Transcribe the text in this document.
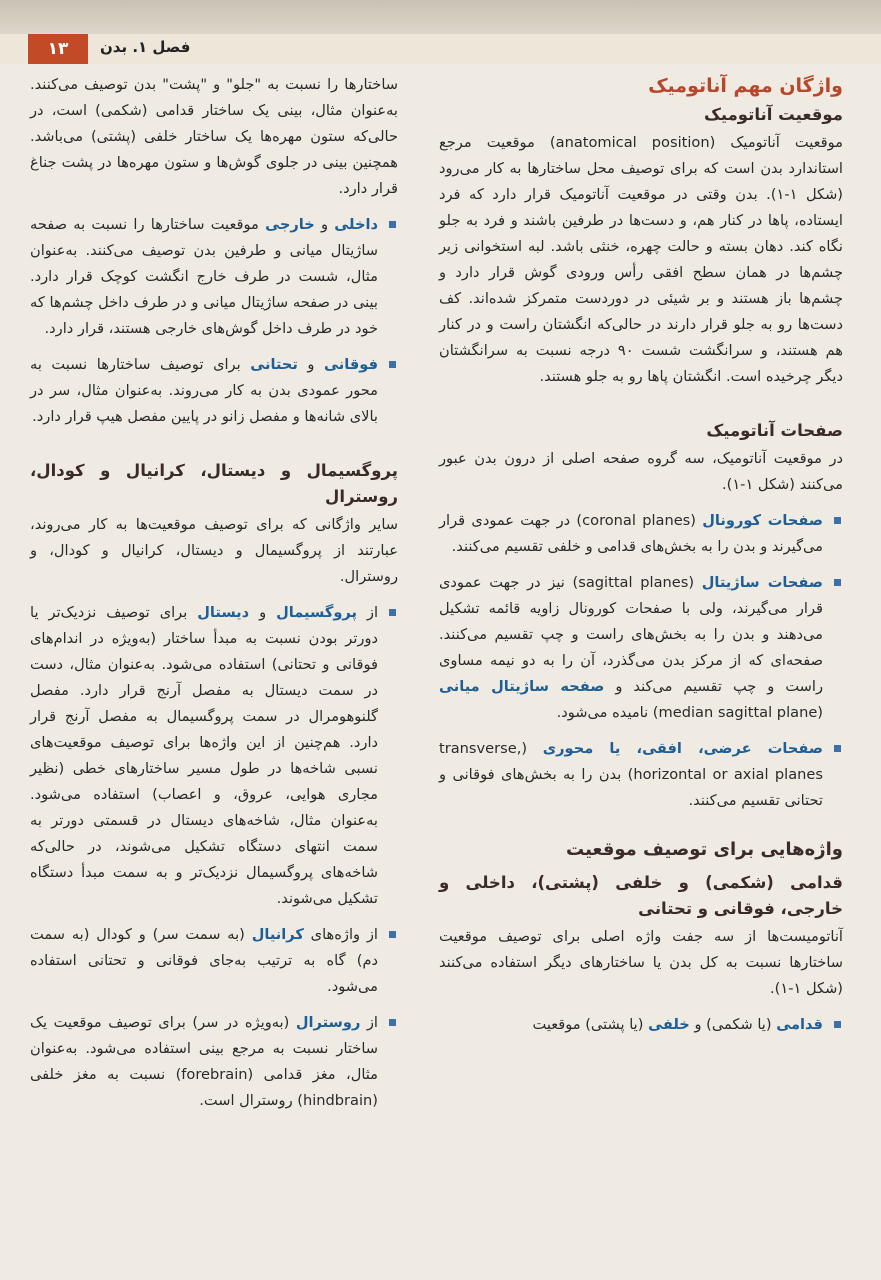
۱۳	فصل ۱. بدن
واژگان مهم آناتومیک
موقعیت آناتومیک

موقعیت آناتومیک (anatomical position) موقعیت مرجع استاندارد بدن است که برای توصیف محل ساختارها به کار می‌رود (شکل ۱-۱). بدن وقتی در موقعیت آناتومیک قرار دارد که فرد ایستاده، پاها در کنار هم، و دست‌ها در طرفین باشند و فرد به جلو نگاه کند. دهان بسته و حالت چهره، خنثی باشد. لبه استخوانی زیر چشم‌ها در همان سطح افقی رأس ورودی گوش قرار دارد و چشم‌ها باز هستند و بر شیئی در دوردست متمرکز شده‌اند. کف دست‌ها رو به جلو قرار دارند در حالی‌که انگشتان راست و در کنار هم هستند، و سرانگشت شست ۹۰ درجه نسبت به سرانگشتان دیگر چرخیده است. انگشتان پاها رو به جلو هستند.

صفحات آناتومیک

در موقعیت آناتومیک، سه گروه صفحه اصلی از درون بدن عبور می‌کنند (شکل ۱-۱).

صفحات کورونال (coronal planes) در جهت عمودی قرار می‌گیرند و بدن را به بخش‌های قدامی و خلفی تقسیم می‌کنند.
صفحات ساژیتال (sagittal planes) نیز در جهت عمودی قرار می‌گیرند، ولی با صفحات کورونال زاویه قائمه تشکیل می‌دهند و بدن را به بخش‌های راست و چپ تقسیم می‌کنند. صفحه‌ای که از مرکز بدن می‌گذرد، آن را به دو نیمه مساوی راست و چپ تقسیم می‌کند و صفحه ساژیتال میانی (median sagittal plane) نامیده می‌شود.
صفحات عرضی، افقی، یا محوری (transverse, horizontal or axial planes) بدن را به بخش‌های فوقانی و تحتانی تقسیم می‌کنند.
واژه‌هایی برای توصیف موقعیت
قدامی (شکمی) و خلفی (پشتی)، داخلی و خارجی، فوقانی و تحتانی

آناتومیست‌ها از سه جفت واژه اصلی برای توصیف موقعیت ساختارها نسبت به کل بدن یا ساختارهای دیگر استفاده می‌کنند (شکل ۱-۱).

قدامی (یا شکمی) و خلفی (یا پشتی) موقعیت

ساختارها را نسبت به "جلو" و "پشت" بدن توصیف می‌کنند. به‌عنوان مثال، بینی یک ساختار قدامی (شکمی) است، در حالی‌که ستون مهره‌ها یک ساختار خلفی (پشتی) می‌باشد. همچنین بینی در جلوی گوش‌ها و ستون مهره‌ها در پشت جناغ قرار دارد.

داخلی و خارجی موقعیت ساختارها را نسبت به صفحه ساژیتال میانی و طرفین بدن توصیف می‌کنند. به‌عنوان مثال، شست در طرف خارج انگشت کوچک قرار دارد. بینی در صفحه ساژیتال میانی و در طرف داخل چشم‌ها که خود در طرف داخل گوش‌های خارجی هستند، قرار دارد.
فوقانی و تحتانی برای توصیف ساختارها نسبت به محور عمودی بدن به کار می‌روند. به‌عنوان مثال، سر در بالای شانه‌ها و مفصل زانو در پایین مفصل هیپ قرار دارد.
پروگسیمال و دیستال، کرانیال و کودال، روسترال

سایر واژگانی که برای توصیف موقعیت‌ها به کار می‌روند، عبارتند از پروگسیمال و دیستال، کرانیال و کودال، و روسترال.

از پروگسیمال و دیستال برای توصیف نزدیک‌تر یا دورتر بودن نسبت به مبدأ ساختار (به‌ویژه در اندام‌های فوقانی و تحتانی) استفاده می‌شود. به‌عنوان مثال، دست در سمت دیستال به مفصل آرنج قرار دارد. مفصل گلنوهومرال در سمت پروگسیمال به مفصل آرنج قرار دارد. هم‌چنین از این واژه‌ها برای توصیف موقعیت‌های نسبی شاخه‌ها در طول مسیر ساختارهای خطی (نظیر مجاری هوایی، عروق، و اعصاب) استفاده می‌شود. به‌عنوان مثال، شاخه‌های دیستال در قسمتی دورتر به سمت انتهای دستگاه تشکیل می‌شوند، در حالی‌که شاخه‌های پروگسیمال نزدیک‌تر و به سمت مبدأ دستگاه تشکیل می‌شوند.
از واژه‌های کرانیال (به سمت سر) و کودال (به سمت دم) گاه به ترتیب به‌جای فوقانی و تحتانی استفاده می‌شود.
از روسترال (به‌ویژه در سر) برای توصیف موقعیت یک ساختار نسبت به مرجع بینی استفاده می‌شود. به‌عنوان مثال، مغز قدامی (forebrain) نسبت به مغز خلفی (hindbrain) روسترال است.
